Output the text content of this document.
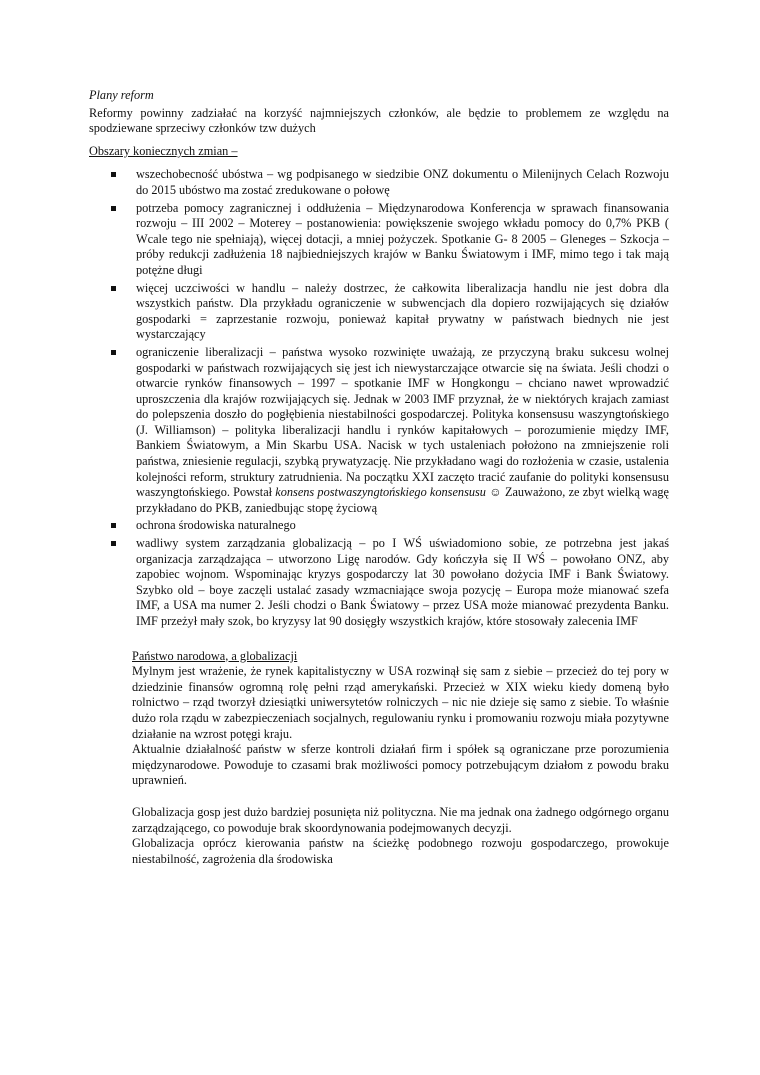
Plany reform

Reformy powinny zadziałać na korzyść najmniejszych członków, ale będzie to problemem ze względu na spodziewane sprzeciwy członków tzw dużych

Obszary koniecznych zmian –

wszechobecność ubóstwa – wg podpisanego w siedzibie ONZ dokumentu o Milenijnych Celach Rozwoju do 2015 ubóstwo ma zostać zredukowane o połowę
potrzeba pomocy zagranicznej i oddłużenia – Międzynarodowa Konferencja w sprawach finansowania rozwoju – III 2002 – Moterey – postanowienia: powiększenie swojego wkładu pomocy do 0,7% PKB ( Wcale tego nie spełniają), więcej dotacji, a mniej pożyczek. Spotkanie G- 8 2005 – Gleneges – Szkocja – próby redukcji zadłużenia 18 najbiedniejszych krajów w Banku Światowym i IMF, mimo tego i tak mają potężne długi
więcej uczciwości w handlu – należy dostrzec, że całkowita liberalizacja handlu nie jest dobra dla wszystkich państw. Dla przykładu ograniczenie w subwencjach dla dopiero rozwijających się działów gospodarki = zaprzestanie rozwoju, ponieważ kapitał prywatny w państwach biednych nie jest wystarczający
ograniczenie liberalizacji – państwa wysoko rozwinięte uważają, ze przyczyną braku sukcesu wolnej gospodarki w państwach rozwijających się jest ich niewystarczające otwarcie się na świata. Jeśli chodzi o otwarcie rynków finansowych – 1997 – spotkanie IMF w Hongkongu – chciano nawet wprowadzić uproszczenia dla krajów rozwijających się. Jednak w 2003 IMF przyznał, że w niektórych krajach zamiast do polepszenia doszło do pogłębienia niestabilności gospodarczej. Polityka konsensusu waszyngtońskiego (J. Williamson) – polityka liberalizacji handlu i rynków kapitałowych – porozumienie między IMF, Bankiem Światowym, a Min Skarbu USA. Nacisk w tych ustaleniach położono na zmniejszenie roli państwa, zniesienie regulacji, szybką prywatyzację. Nie przykładano wagi do rozłożenia w czasie, ustalenia kolejności reform, struktury zatrudnienia. Na początku XXI zaczęto tracić zaufanie do polityki konsensusu waszyngtońskiego. Powstał konsens postwaszyngtońskiego konsensusu ☺ Zauważono, ze zbyt wielką wagę przykładano do PKB, zaniedbując stopę życiową
ochrona środowiska naturalnego
wadliwy system zarządzania globalizacją – po I WŚ uświadomiono sobie, ze potrzebna jest jakaś organizacja zarządzająca – utworzono Ligę narodów. Gdy kończyła się II WŚ – powołano ONZ, aby zapobiec wojnom. Wspominając kryzys gospodarczy lat 30 powołano dożycia IMF i Bank Światowy. Szybko old – boye zaczęli ustalać zasady wzmacniające swoja pozycję – Europa może mianować szefa IMF, a USA ma numer 2. Jeśli chodzi o Bank Światowy – przez USA może mianować prezydenta Banku. IMF przeżył mały szok, bo kryzysy lat 90 dosięgły wszystkich krajów, które stosowały zalecenia IMF

Państwo narodowa, a globalizacji

Mylnym jest wrażenie, że rynek kapitalistyczny w USA rozwinął się sam z siebie – przecież do tej pory w dziedzinie finansów ogromną rolę pełni rząd amerykański. Przecież w XIX wieku kiedy domeną było rolnictwo – rząd tworzył dziesiątki uniwersytetów rolniczych – nic nie dzieje się samo z siebie. To właśnie dużo rola rządu w zabezpieczeniach socjalnych, regulowaniu rynku i promowaniu rozwoju miała pozytywne działanie na wzrost potęgi kraju.

Aktualnie działalność państw w sferze kontroli działań firm i spółek są ograniczane prze porozumienia międzynarodowe. Powoduje to czasami brak możliwości pomocy potrzebującym działom z powodu braku uprawnień.

Globalizacja gosp jest dużo bardziej posunięta niż polityczna. Nie ma jednak ona żadnego odgórnego organu zarządzającego, co powoduje brak skoordynowania podejmowanych decyzji.

Globalizacja oprócz kierowania państw na ścieżkę podobnego rozwoju gospodarczego, prowokuje niestabilność, zagrożenia dla środowiska
